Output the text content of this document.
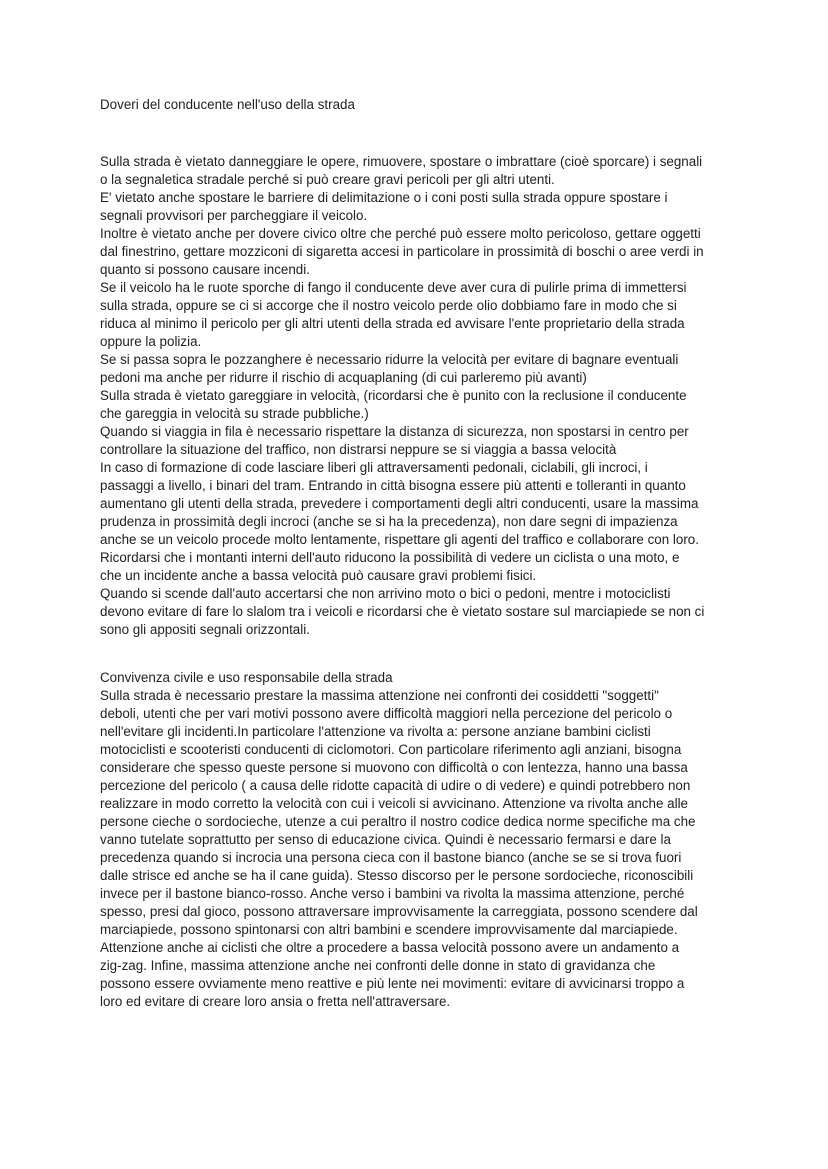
Doveri del conducente nell'uso della strada
Sulla strada è vietato danneggiare le opere, rimuovere, spostare o imbrattare (cioè sporcare) i segnali
o la segnaletica stradale perché si può creare gravi pericoli per gli altri utenti.
E' vietato anche spostare le barriere di delimitazione o i coni posti sulla strada oppure spostare i
segnali provvisori per parcheggiare il veicolo.
Inoltre è vietato anche per dovere civico oltre che perché può essere molto pericoloso, gettare oggetti
dal finestrino, gettare mozziconi di sigaretta accesi in particolare in prossimità di boschi o aree verdi in
quanto si possono causare incendi.
Se il veicolo ha le ruote sporche di fango il conducente deve aver cura di pulirle prima di immettersi
sulla strada, oppure se ci si accorge che il nostro veicolo perde olio dobbiamo fare in modo che si
riduca al minimo il pericolo per gli altri utenti della strada ed avvisare l'ente proprietario della strada
oppure la polizia.
Se si passa sopra le pozzanghere è necessario ridurre la velocità per evitare di bagnare eventuali
pedoni ma anche per ridurre il rischio di acquaplaning (di cui parleremo più avanti)
Sulla strada è vietato gareggiare in velocità, (ricordarsi che è punito con la reclusione il conducente
che gareggia in velocità su strade pubbliche.)
Quando si viaggia in fila è necessario rispettare la distanza di sicurezza, non spostarsi in centro per
controllare la situazione del traffico, non distrarsi neppure se si viaggia a bassa velocità
In caso di formazione di code lasciare liberi gli attraversamenti pedonali, ciclabili, gli incroci, i
passaggi a livello, i binari del tram. Entrando in città bisogna essere più attenti e tolleranti in quanto
aumentano gli utenti della strada, prevedere i comportamenti degli altri conducenti, usare la massima
prudenza in prossimità degli incroci (anche se si ha la precedenza), non dare segni di impazienza
anche se un veicolo procede molto lentamente, rispettare gli agenti del traffico e collaborare con loro.
Ricordarsi che i montanti interni dell'auto riducono la possibilità di vedere un ciclista o una moto, e
che un incidente anche a bassa velocità può causare gravi problemi fisici.
Quando si scende dall'auto accertarsi che non arrivino moto o bici o pedoni, mentre i motociclisti
devono evitare di fare lo slalom tra i veicoli e ricordarsi che è vietato sostare sul marciapiede se non ci
sono gli appositi segnali orizzontali.
Convivenza civile e uso responsabile della strada
Sulla strada è necessario prestare la massima attenzione nei confronti dei cosiddetti "soggetti"
deboli, utenti che per vari motivi possono avere difficoltà maggiori nella percezione del pericolo o
nell'evitare gli incidenti.In particolare l'attenzione va rivolta a: persone anziane bambini ciclisti
motociclisti e scooteristi conducenti di ciclomotori. Con particolare riferimento agli anziani, bisogna
considerare che spesso queste persone si muovono con difficoltà o con lentezza, hanno una bassa
percezione del pericolo ( a causa delle ridotte capacità di udire o di vedere) e quindi potrebbero non
realizzare in modo corretto la velocità con cui i veicoli si avvicinano. Attenzione va rivolta anche alle
persone cieche o sordocieche, utenze a cui peraltro il nostro codice dedica norme specifiche ma che
vanno tutelate soprattutto per senso di educazione civica. Quindi è necessario fermarsi e dare la
precedenza quando si incrocia una persona cieca con il bastone bianco (anche se se si trova fuori
dalle strisce ed anche se ha il cane guida). Stesso discorso per le persone sordocieche, riconoscibili
invece per il bastone bianco-rosso. Anche verso i bambini va rivolta la massima attenzione, perché
spesso, presi dal gioco, possono attraversare improvvisamente la carreggiata, possono scendere dal
marciapiede, possono spintonarsi con altri bambini e scendere improvvisamente dal marciapiede.
Attenzione anche ai ciclisti che oltre a procedere a bassa velocità possono avere un andamento a
zig-zag. Infine, massima attenzione anche nei confronti delle donne in stato di gravidanza che
possono essere ovviamente meno reattive e più lente nei movimenti: evitare di avvicinarsi troppo a
loro ed evitare di creare loro ansia o fretta nell'attraversare.
